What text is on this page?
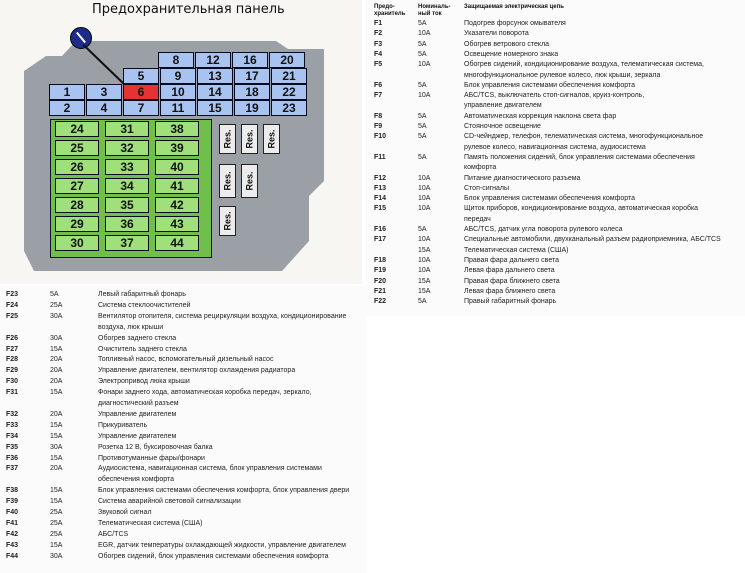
Предохранительная панель
8	12	16	20
5	9	13	17	21
1	3	6	10	14	18	22
2	4	7	11	15	19	23
24	31	38
25	32	39
26	33	40
27	34	41
28	35	42
29	36	43
30	37	44
Res. Res. Res.
Res. Res.
Res.
Предо-
хранитель
Номиналь-
ный ток
Защищаемая электрическая цепь
F1	5A	Подогрев форсунок омывателя
F2	10A	Указатели поворота
F3	5A	Обогрев ветрового стекла
F4	5A	Освещение номерного знака
F5	10A	Обогрев сидений, кондиционирование воздуха, телематическая система,
многофункциональное рулевое колесо, люк крыши, зеркала
F6	5A	Блок управления системами обеспечения комфорта
F7	10A	АБС/TCS, выключатель стоп-сигналов, круиз-контроль,
управление двигателем
F8	5A	Автоматическая коррекция наклона света фар
F9	5A	Стояночное освещение
F10	5A	CD-чейнджер, телефон, телематическая система, многофункциональное
рулевое колесо, навигационная система, аудиосистема
F11	5A	Память положения сидений, блок управления системами обеспечения
комфорта
F12	10A	Питание диагностического разъема
F13	10A	Стоп-сигналы
F14	10A	Блок управления системами обеспечения комфорта
F15	10A	Щиток приборов, кондиционирование воздуха, автоматическая коробка
передач
F16	5A	АБС/TCS, датчик угла поворота рулевого колеса
F17	10A	Специальные автомобили, двухканальный разъем радиоприемника, АБС/TCS
15A	Телематическая система (США)
F18	10A	Правая фара дальнего света
F19	10A	Левая фара дальнего света
F20	15A	Правая фара ближнего света
F21	15A	Левая фара ближнего света
F22	5A	Правый габаритный фонарь
F23	5A	Левый габаритный фонарь
F24	25A	Система стеклоочистителей
F25	30A	Вентилятор отопителя, система рециркуляции воздуха, кондиционирование
воздуха, люк крыши
F26	30A	Обогрев заднего стекла
F27	15A	Очиститель заднего стекла
F28	20A	Топливный насос, вспомогательный дизельный насос
F29	20A	Управление двигателем, вентилятор охлаждения радиатора
F30	20A	Электропривод люка крыши
F31	15A	Фонари заднего хода, автоматическая коробка передач, зеркало,
диагностический разъем
F32	20A	Управление двигателем
F33	15A	Прикуриватель
F34	15A	Управление двигателем
F35	30A	Розетка 12 В, буксировочная балка
F36	15A	Противотуманные фары/фонари
F37	20A	Аудиосистема, навигационная система, блок управления системами
обеспечения комфорта
F38	15A	Блок управления системами обеспечения комфорта, блок управления двери
F39	15A	Система аварийной световой сигнализации
F40	25A	Звуковой сигнал
F41	25A	Телематическая система (США)
F42	25A	АБС/TCS
F43	15A	EGR, датчик температуры охлаждающей жидкости, управление двигателем
F44	30A	Обогрев сидений, блок управления системами обеспечения комфорта
